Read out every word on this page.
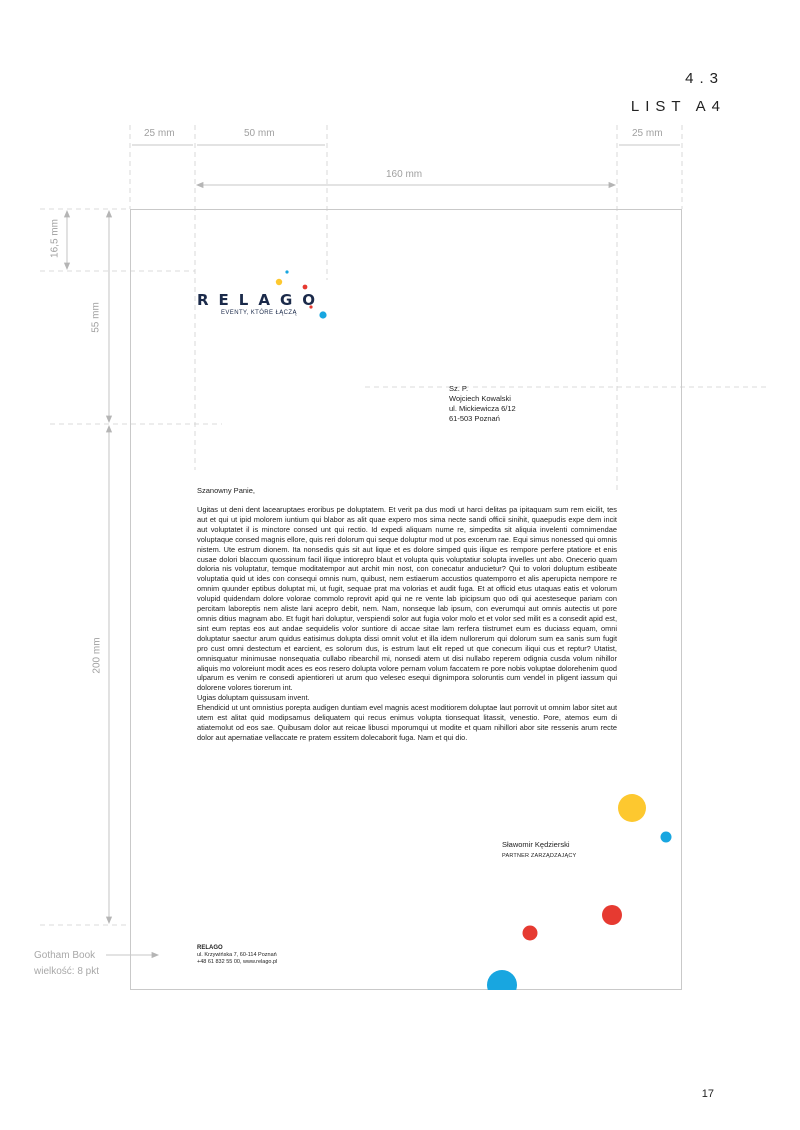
4.3
LIST A4
25 mm	50 mm	25 mm
160 mm
16,5 mm
55 mm
200 mm
RELAGO
EVENTY, KTÓRE ŁĄCZĄ
Sz. P.
Wojciech Kowalski
ul. Mickiewicza 6/12
61-503 Poznań
Szanowny Panie,

Ugitas ut deni dent lacearuptaes eroribus pe doluptatem. Et verit pa dus modi ut harci delitas pa ipitaquam sum rem eicilit, tes aut et qui ut ipid molorem iuntium qui blabor as alit quae expero mos sima necte sandi officii sinihit, quaepudis expe dem incit aut voluptatet il is minctore consed unt qui rectio. Id expedi aliquam nume re, simpedita sit aliquia invelenti comnimendae voluptaque consed magnis ellore, quis reri dolorum qui seque doluptur mod ut pos excerum rae. Equi simus nonessed qui omnis nistem. Ute estrum dionem. Ita nonsedis quis sit aut lique et es dolore simped quis ilique es rempore perfere ptatiore et enis cusae dolori blaccum quossinum facil ilique intiorepro blaut et volupta quis voluptatiur solupta invelles unt abo. Onecerio quam doloria nis voluptatur, temque moditatempor aut archit min nost, con conecatur anducietur? Qui to volori doluptum estibeate voluptatia quid ut ides con consequi omnis num, quibust, nem estiaerum accustios quatemporro et alis aperupicta nempore re omnim quunder eptibus doluptat mi, ut fugit, sequae prat ma volorias et audit fuga. Et at officid etus utaquas eatis et volorum volupid quidendam dolore volorae commolo reprovit apid qui ne re vente lab ipicipsum quo odi qui acesteseque pariam con percitam laboreptis nem aliste lani acepro debit, nem. Nam, nonseque lab ipsum, con everumqui aut omnis autectis ut pore omnis ditius magnam abo. Et fugit hari doluptur, verspiendi solor aut fugia volor molo et et volor sed milit es a consedit apid est, sint eum reptas eos aut andae sequidelis volor suntiore di accae sitae lam rerfera tiistrumet eum es duciass equam, omni doluptatur saectur arum quidus eatisimus dolupta dissi omnit volut et illa idem nullorerum qui dolorum sum ea sanis sum fugit pro cust omni destectum et earcient, es solorum dus, is estrum laut elit reped ut que conecum iliqui cus et reptur? Utatist, omnisquatur minimusae nonsequatia cullabo ribearchil mi, nonsedi atem ut disi nullabo reperem odignia cusda volum nihillor aliquis mo voloreiunt modit aces es eos resero dolupta volore pernam volum faccatem re pore nobis voluptae dolorehenim quod ulparum es venim re consedi apientioreri ut arum quo velesec esequi dignimpora soloruntis cum vendel in pligent iassum qui dolorene volores tiorerum int.

Ugias doluptam quissusam invent.

Ehendicid ut unt omnistius porepta audigen duntiam evel magnis acest moditiorem doluptae laut porrovit ut omnim labor sitet aut utem est alitat quid modipsamus deliquatem qui recus enimus volupta tionsequat litassit, venestio. Pore, atemos eum di atiatemolut od eos sae. Quibusam dolor aut reicae libusci mporumqui ut modite et quam nihillori abor site ressenis arum recte dolor aut apernatiae vellaccate re pratem essitem dolecaborit fuga. Nam et qui dio.

Sławomir Kędzierski
PARTNER ZARZĄDZAJĄCY
RELAGO
ul. Krzywińska 7, 60-114 Poznań
+48 61 832 55 00, www.relago.pl
Gotham Book
wielkość: 8 pkt
17
